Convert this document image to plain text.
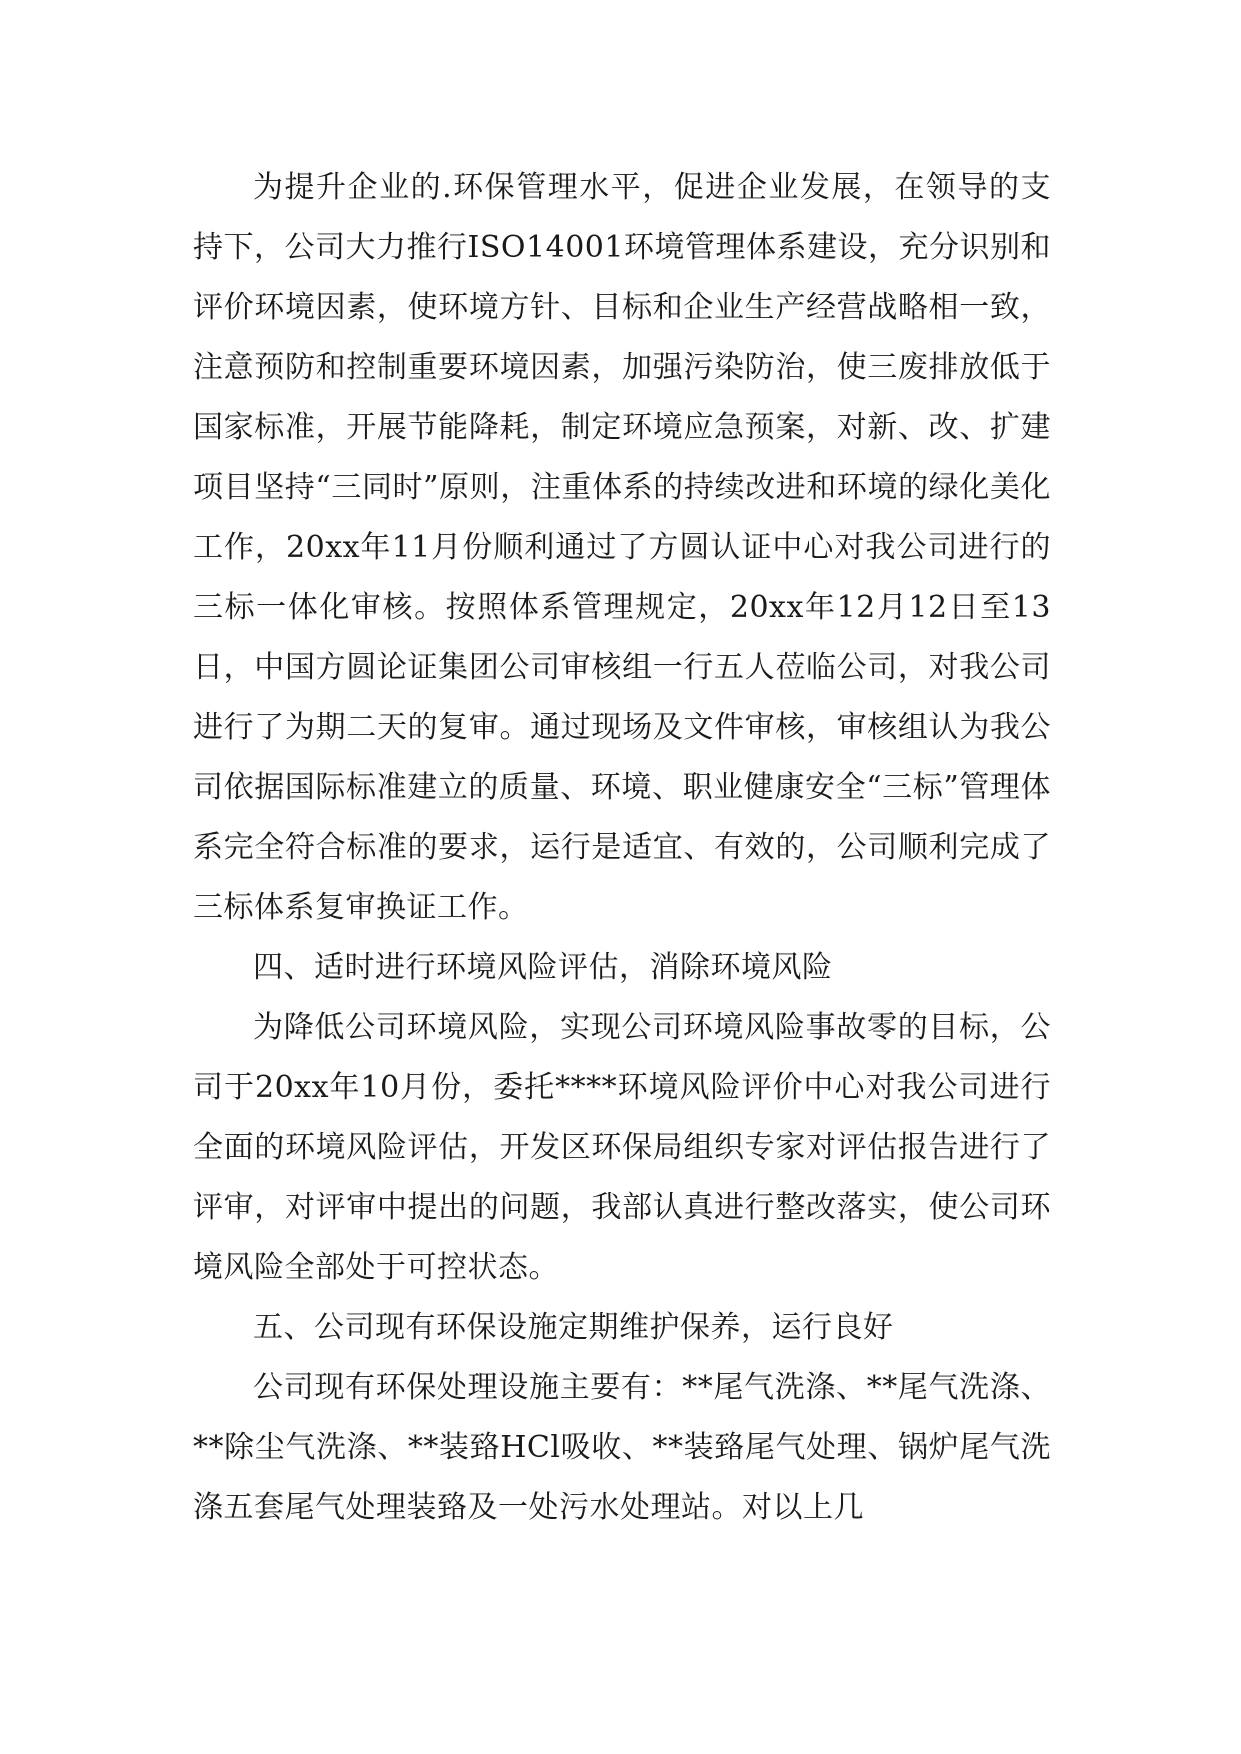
为提升企业的.环保管理水平，促进企业发展，在领导的支持下，公司大力推行ISO14001环境管理体系建设，充分识别和评价环境因素，使环境方针、目标和企业生产经营战略相一致，注意预防和控制重要环境因素，加强污染防治，使三废排放低于国家标准，开展节能降耗，制定环境应急预案，对新、改、扩建项目坚持“三同时”原则，注重体系的持续改进和环境的绿化美化工作，20xx年11月份顺利通过了方圆认证中心对我公司进行的三标一体化审核。按照体系管理规定，20xx年12月12日至13日，中国方圆论证集团公司审核组一行五人莅临公司，对我公司进行了为期二天的复审。通过现场及文件审核，审核组认为我公司依据国际标准建立的质量、环境、职业健康安全“三标”管理体系完全符合标准的要求，运行是适宜、有效的，公司顺利完成了三标体系复审换证工作。

四、适时进行环境风险评估，消除环境风险

为降低公司环境风险，实现公司环境风险事故零的目标，公司于20xx年10月份，委托****环境风险评价中心对我公司进行全面的环境风险评估，开发区环保局组织专家对评估报告进行了评审，对评审中提出的问题，我部认真进行整改落实，使公司环境风险全部处于可控状态。

五、公司现有环保设施定期维护保养，运行良好

公司现有环保处理设施主要有：**尾气洗涤、**尾气洗涤、**除尘气洗涤、**装臵HCl吸收、**装臵尾气处理、锅炉尾气洗涤五套尾气处理装臵及一处污水处理站。对以上几
